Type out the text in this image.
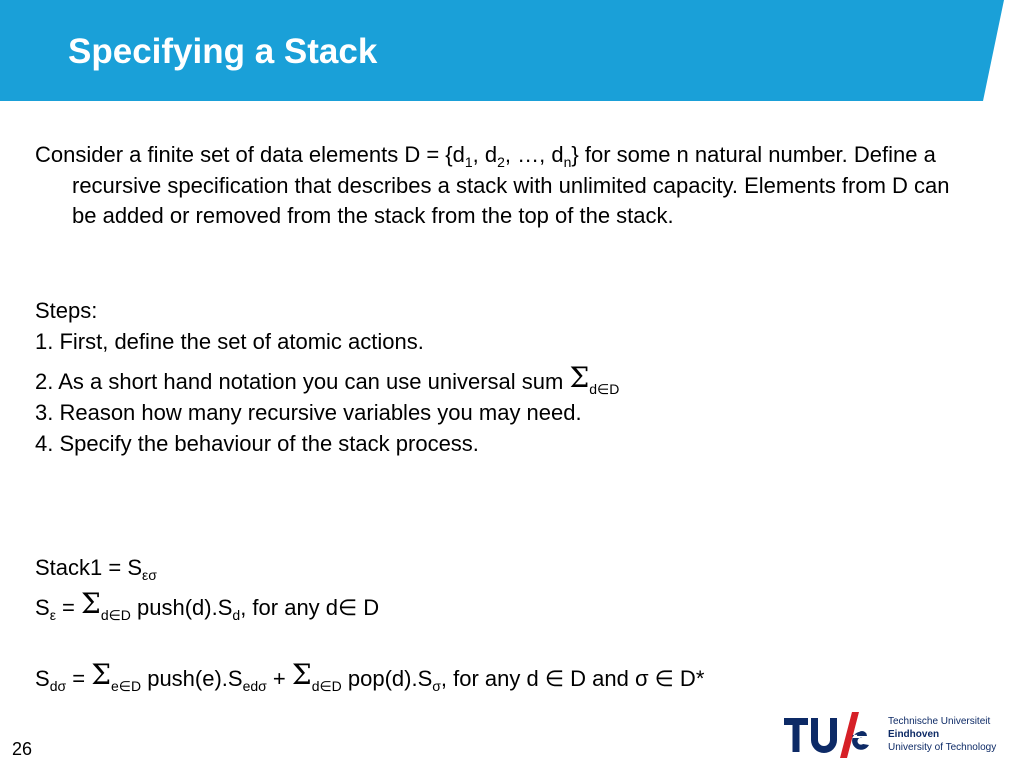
Specifying a Stack

Consider a finite set of data elements $D = \{d_1$, $d_2$, …, $d_n$} for some n natural number. Define a recursive specification that describes a stack with unlimited capacity. Elements from D can be added or removed from the stack from the top of the stack.

Steps:
1. First, define the set of atomic actions.
2. As a short hand notation you can use universal sum $\Sigma_{d\in D}$
3. Reason how many recursive variables you may need.
4. Specify the behaviour of the stack process.
Stack1 = $S_{\varepsilon\sigma}$
$S_\varepsilon = \Sigma_{d\in D}$ $push(d).S_d$, for any d∈ D
$S_{d\sigma} = \Sigma_{e\in D}$ $push(e).S_{ed\sigma} + \Sigma_{d\in D}$ $pop(d).S_\sigma$, for any d ∈ D and σ ∈ D*
26
Technische Universiteit
Eindhoven
University of Technology
